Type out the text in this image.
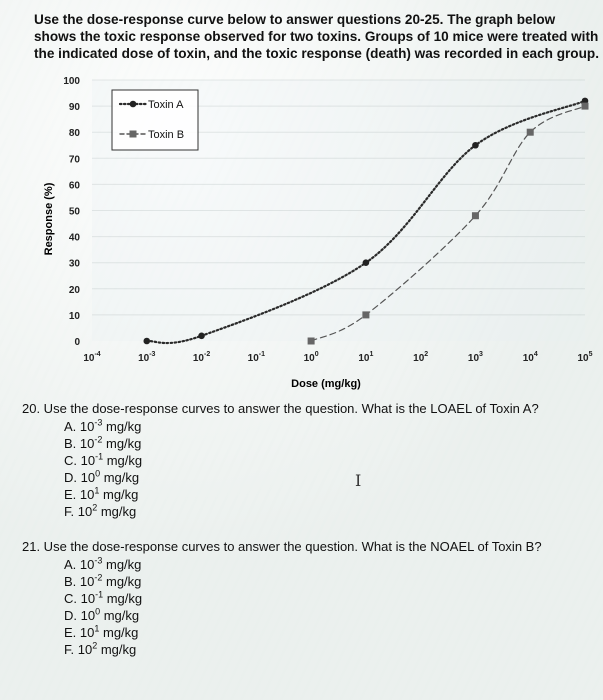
Use the dose-response curve below to answer questions 20-25. The graph below shows the toxic response observed for two toxins. Groups of 10 mice were treated with the indicated dose of toxin, and the toxic response (death) was recorded in each group.
0
10
20
30
40
50
60
70
80
90
100
$10^{-4}$	$10^{-3}$	$10^{-2}$	$10^{-1}$	$10^0$	$10^1$	$10^2$	$10^3$	$10^4$	$10^5$
Toxin A
Toxin B
Response (%)
Dose (mg/kg)
20. Use the dose-response curves to answer the question. What is the LOAEL of Toxin A?
A. $10^{-3}$ mg/kg
B. $10^{-2}$ mg/kg
C. $10^{-1}$ mg/kg
D. $10^0$ mg/kg
E. $10^1$ mg/kg
F. $10^2$ mg/kg
21. Use the dose-response curves to answer the question. What is the NOAEL of Toxin B?
A. $10^{-3}$ mg/kg
B. $10^{-2}$ mg/kg
C. $10^{-1}$ mg/kg
D. $10^0$ mg/kg
E. $10^1$ mg/kg
F. $10^2$ mg/kg
I
